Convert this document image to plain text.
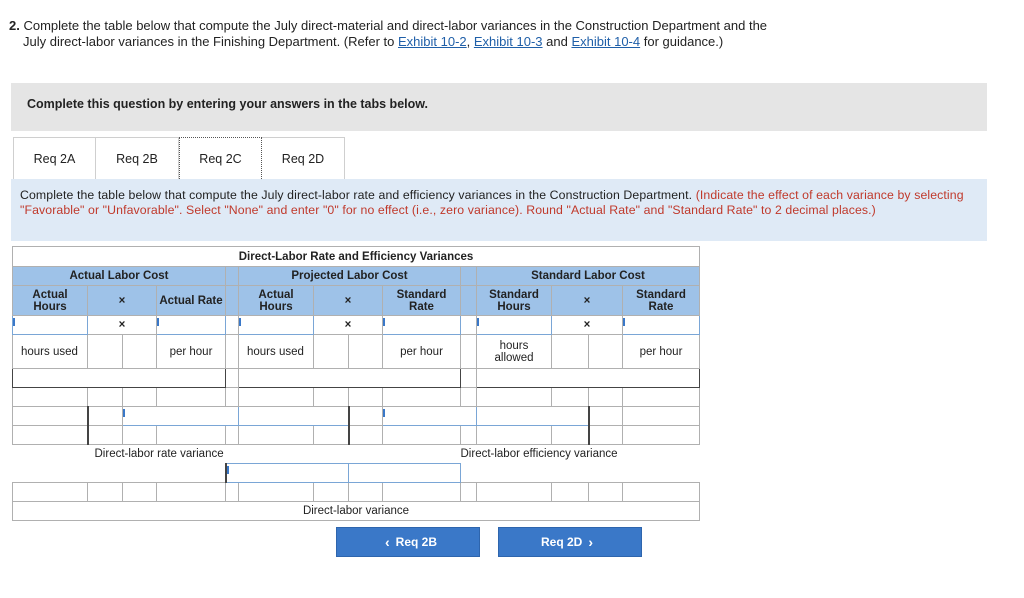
2. Complete the table below that compute the July direct-material and direct-labor variances in the Construction Department and the
July direct-labor variances in the Finishing Department. (Refer to Exhibit 10-2, Exhibit 10-3 and Exhibit 10-4 for guidance.)
Complete this question by entering your answers in the tabs below.
Req 2A	Req 2B	Req 2C	Req 2D
Complete the table below that compute the July direct-labor rate and efficiency variances in the Construction Department. (Indicate the effect of each variance by selecting "Favorable" or "Unfavorable". Select "None" and enter "0" for no effect (i.e., zero variance). Round "Actual Rate" and "Standard Rate" to 2 decimal places.)
Direct-Labor Rate and Efficiency Variances													
Actual Labor Cost					Projected Labor Cost					Standard Labor Cost			
Actual Hours	×		Actual Rate		Actual Hours	×		Standard Rate		Standard Hours	×		Standard Rate
	×					×					×		
hours used			per hour		hours used			per hour		hours allowed			per hour

Direct-labor rate variance									Direct-labor efficiency variance				

Direct-labor variance													
‹ Req 2B	Req 2D ›
